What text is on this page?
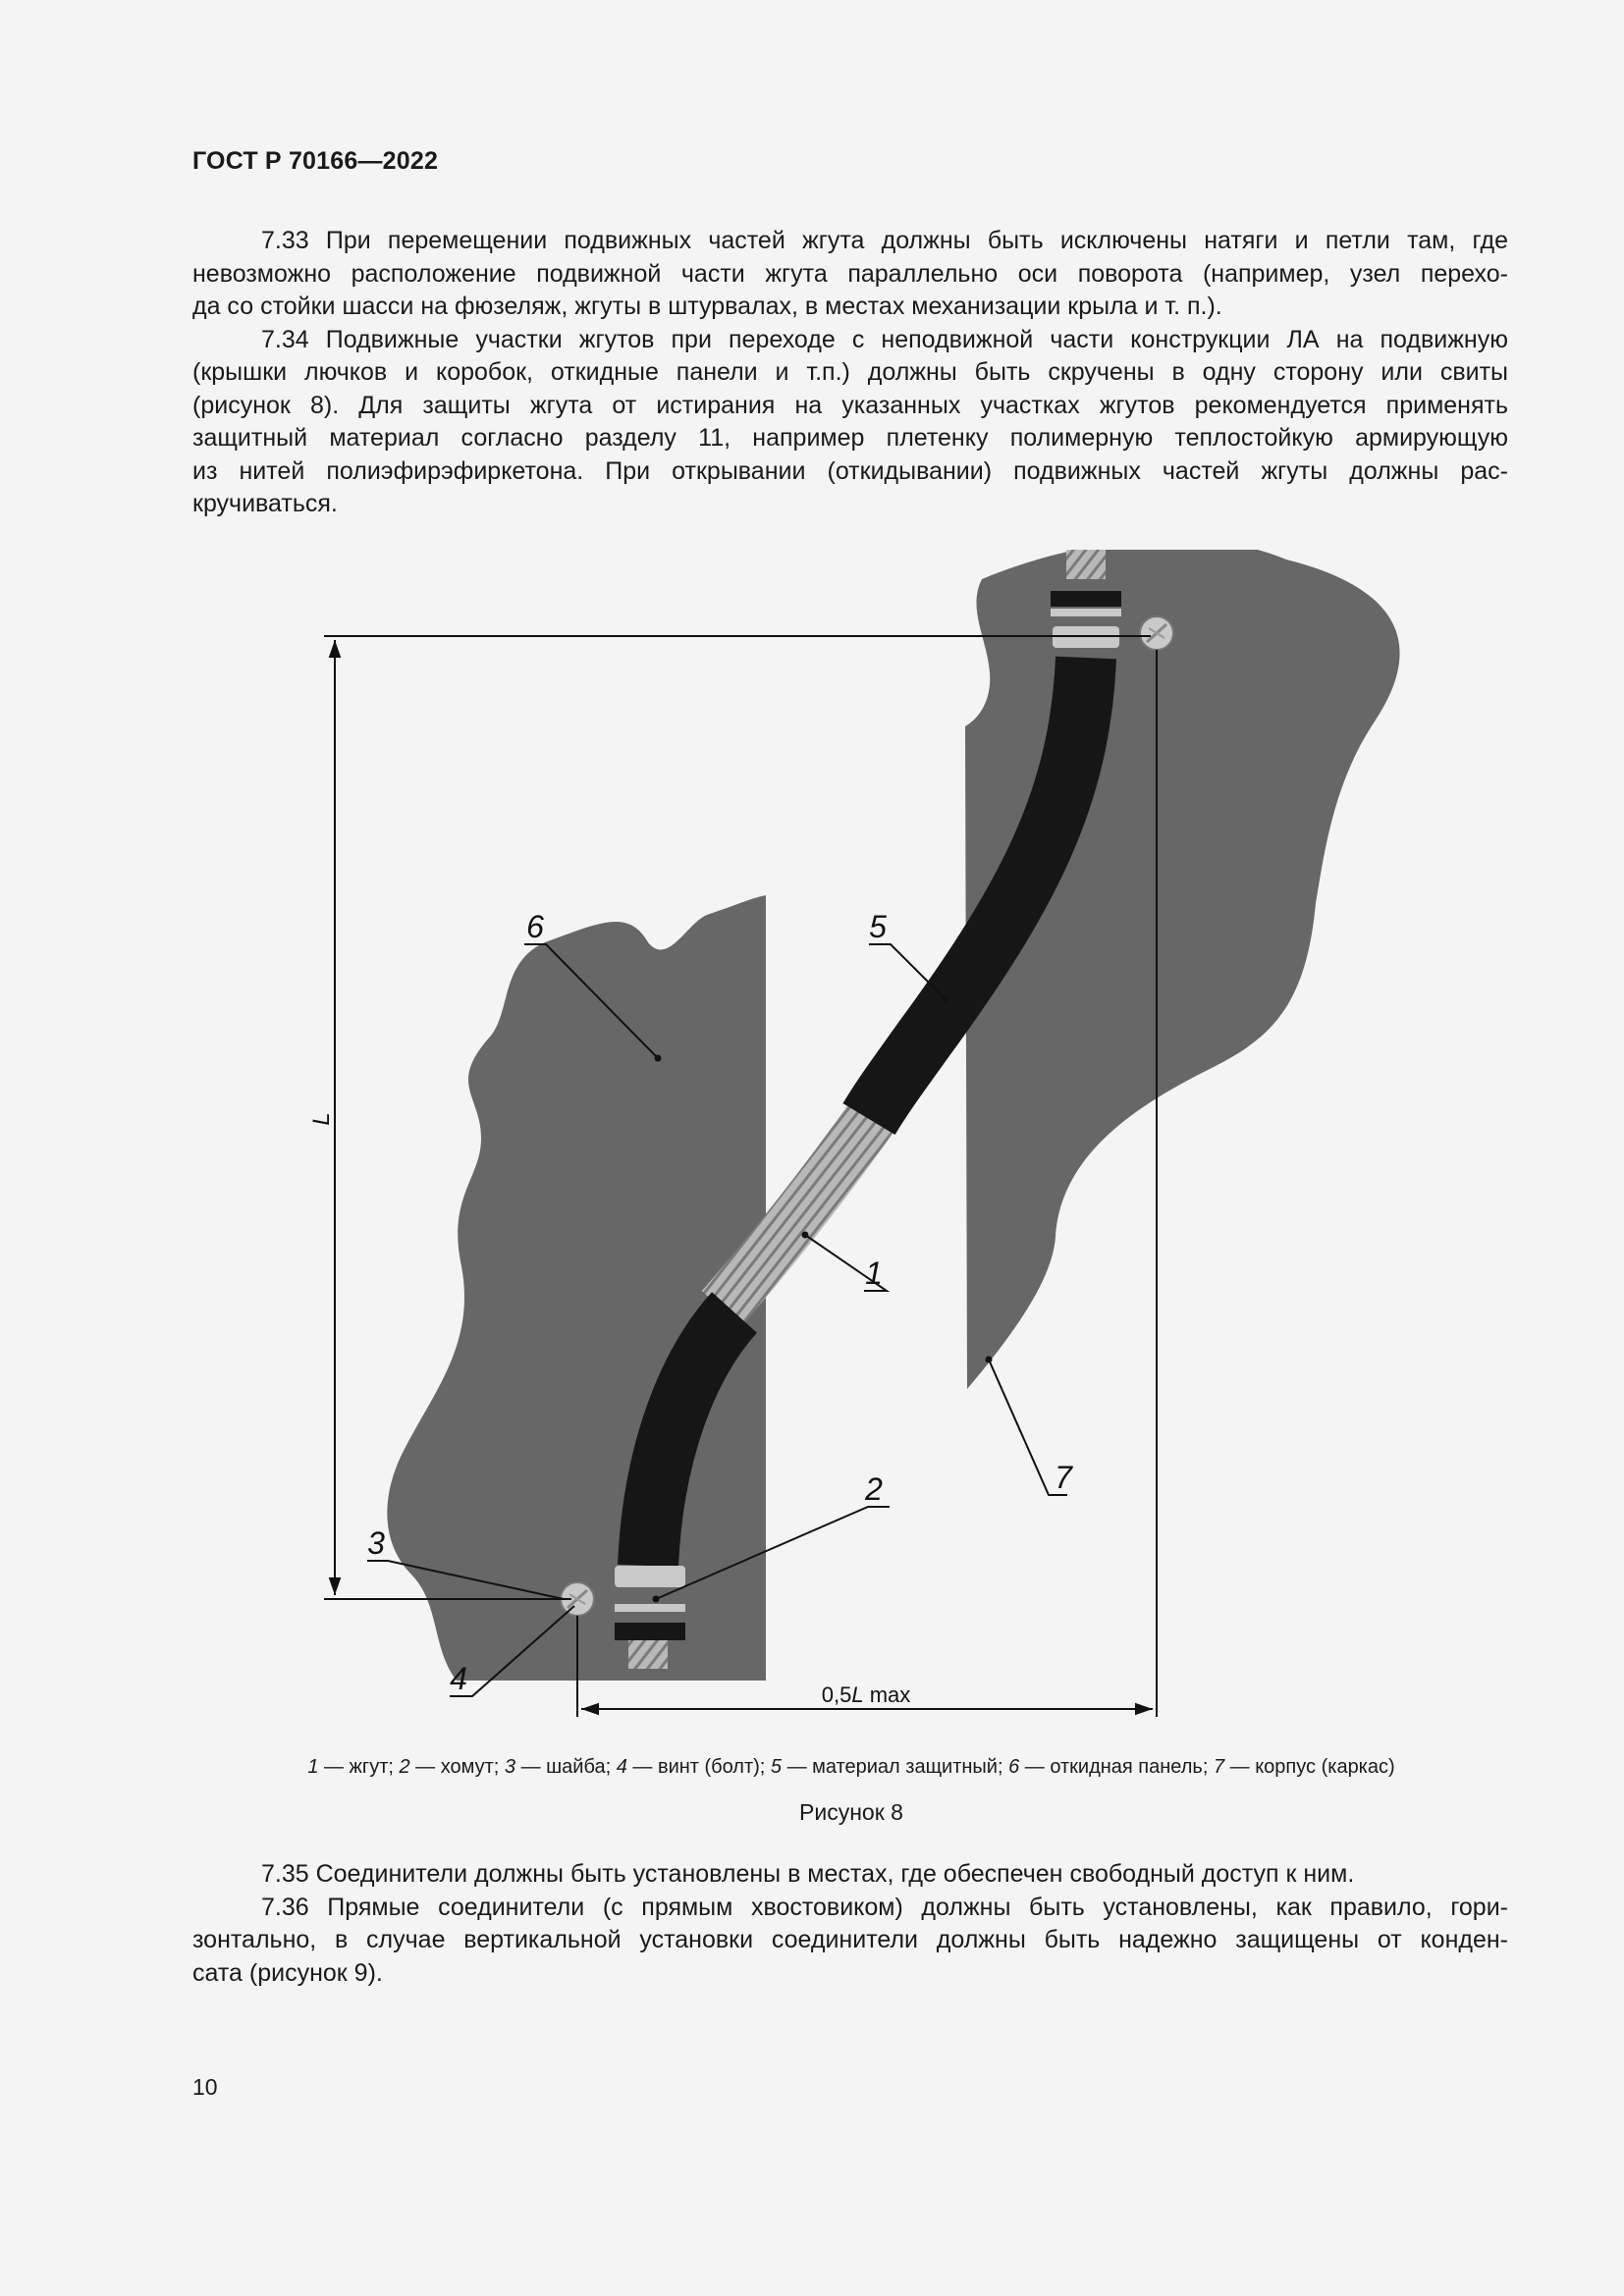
ГОСТ Р 70166—2022

7.33 При перемещении подвижных частей жгута должны быть исключены натяги и петли там, где
невозможно расположение подвижной части жгута параллельно оси поворота (например, узел перехо-
да со стойки шасси на фюзеляж, жгуты в штурвалах, в местах механизации крыла и т. п.).

7.34 Подвижные участки жгутов при переходе с неподвижной части конструкции ЛА на подвижную
(крышки лючков и коробок, откидные панели и т.п.) должны быть скручены в одну сторону или свиты
(рисунок 8). Для защиты жгута от истирания на указанных участках жгутов рекомендуется применять
защитный материал согласно разделу 11, например плетенку полимерную теплостойкую армирующую
из нитей полиэфирэфиркетона. При открывании (откидывании) подвижных частей жгуты должны рас-
кручиваться.

L
0,5L max
6	5
1
7
2
3
4
1 — жгут; 2 — хомут; 3 — шайба; 4 — винт (болт); 5 — материал защитный; 6 — откидная панель; 7 — корпус (каркас)
Рисунок 8

7.35 Соединители должны быть установлены в местах, где обеспечен свободный доступ к ним.

7.36 Прямые соединители (с прямым хвостовиком) должны быть установлены, как правило, гори-
зонтально, в случае вертикальной установки соединители должны быть надежно защищены от конден-
сата (рисунок 9).

10
